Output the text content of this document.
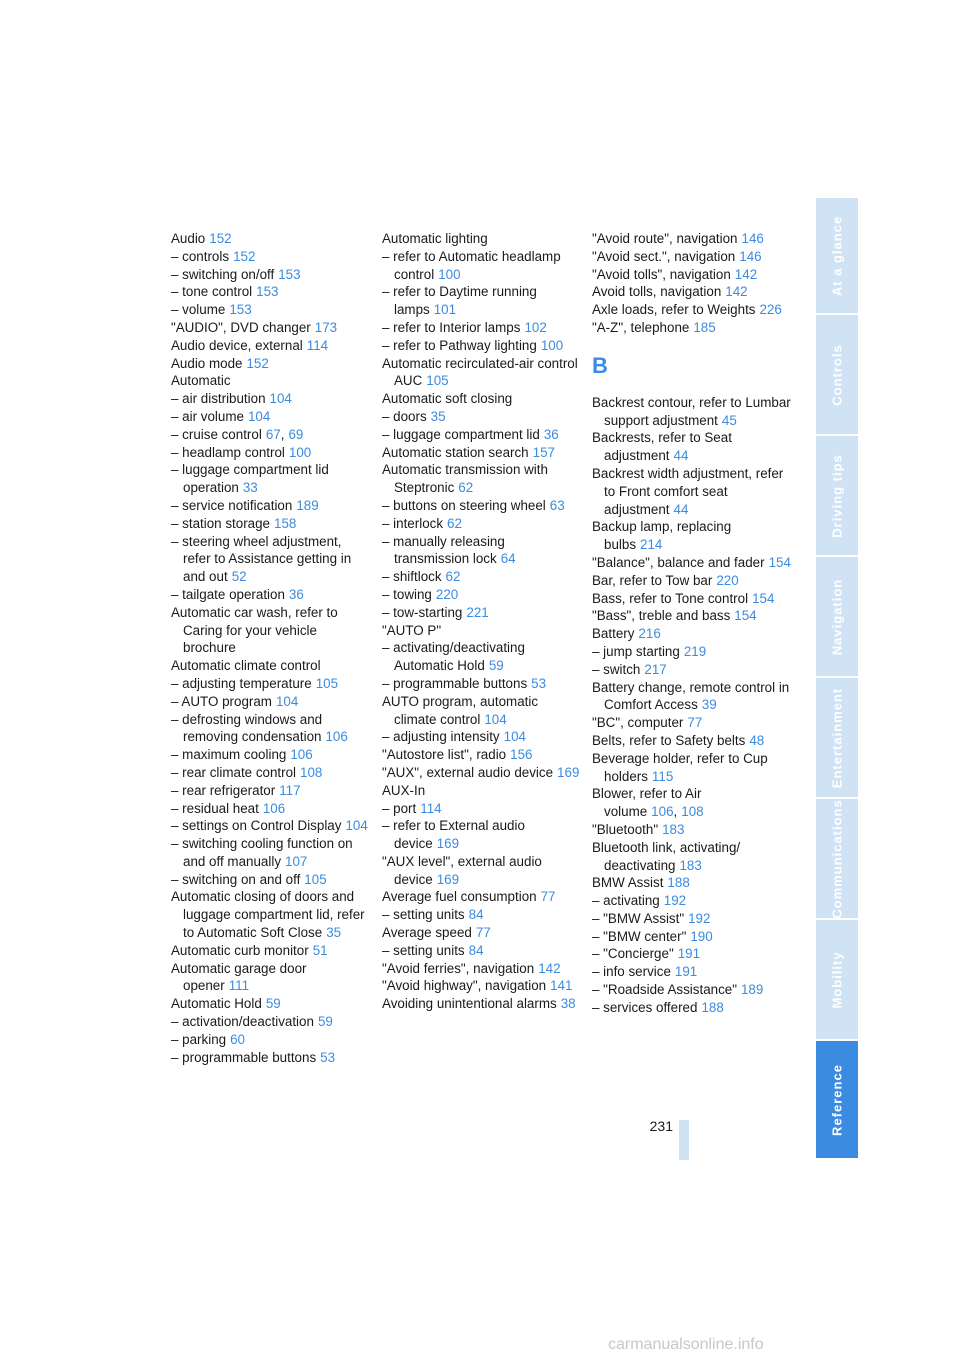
Audio 152
– controls 152
– switching on/off 153
– tone control 153
– volume 153
"AUDIO", DVD changer 173
Audio device, external 114
Audio mode 152
Automatic
– air distribution 104
– air volume 104
– cruise control 67, 69
– headlamp control 100
– luggage compartment lid operation 33
– service notification 189
– station storage 158
– steering wheel adjustment, refer to Assistance getting in and out 52
– tailgate operation 36
Automatic car wash, refer to Caring for your vehicle brochure
Automatic climate control
– adjusting temperature 105
– AUTO program 104
– defrosting windows and removing condensation 106
– maximum cooling 106
– rear climate control 108
– rear refrigerator 117
– residual heat 106
– settings on Control Display 104
– switching cooling function on and off manually 107
– switching on and off 105
Automatic closing of doors and luggage compartment lid, refer to Automatic Soft Close 35
Automatic curb monitor 51
Automatic garage door opener 111
Automatic Hold 59
– activation/deactivation 59
– parking 60
– programmable buttons 53
Automatic lighting
– refer to Automatic headlamp control 100
– refer to Daytime running lamps 101
– refer to Interior lamps 102
– refer to Pathway lighting 100
Automatic recirculated-air control AUC 105
Automatic soft closing
– doors 35
– luggage compartment lid 36
Automatic station search 157
Automatic transmission with Steptronic 62
– buttons on steering wheel 63
– interlock 62
– manually releasing transmission lock 64
– shiftlock 62
– towing 220
– tow-starting 221
"AUTO P"
– activating/deactivating Automatic Hold 59
– programmable buttons 53
AUTO program, automatic climate control 104
– adjusting intensity 104
"Autostore list", radio 156
"AUX", external audio device 169
AUX-In
– port 114
– refer to External audio device 169
"AUX level", external audio device 169
Average fuel consumption 77
– setting units 84
Average speed 77
– setting units 84
"Avoid ferries", navigation 142
"Avoid highway", navigation 141
Avoiding unintentional alarms 38
"Avoid route", navigation 146
"Avoid sect.", navigation 146
"Avoid tolls", navigation 142
Avoid tolls, navigation 142
Axle loads, refer to Weights 226
"A-Z", telephone 185
B
Backrest contour, refer to Lumbar support adjustment 45
Backrests, refer to Seat adjustment 44
Backrest width adjustment, refer to Front comfort seat adjustment 44
Backup lamp, replacing bulbs 214
"Balance", balance and fader 154
Bar, refer to Tow bar 220
Bass, refer to Tone control 154
"Bass", treble and bass 154
Battery 216
– jump starting 219
– switch 217
Battery change, remote control in Comfort Access 39
"BC", computer 77
Belts, refer to Safety belts 48
Beverage holder, refer to Cup holders 115
Blower, refer to Air volume 106, 108
"Bluetooth" 183
Bluetooth link, activating/ deactivating 183
BMW Assist 188
– activating 192
– "BMW Assist" 192
– "BMW center" 190
– "Concierge" 191
– info service 191
– "Roadside Assistance" 189
– services offered 188
231
At a glance
Controls
Driving tips
Navigation
Entertainment
Communications
Mobility
Reference
carmanualsonline.info
